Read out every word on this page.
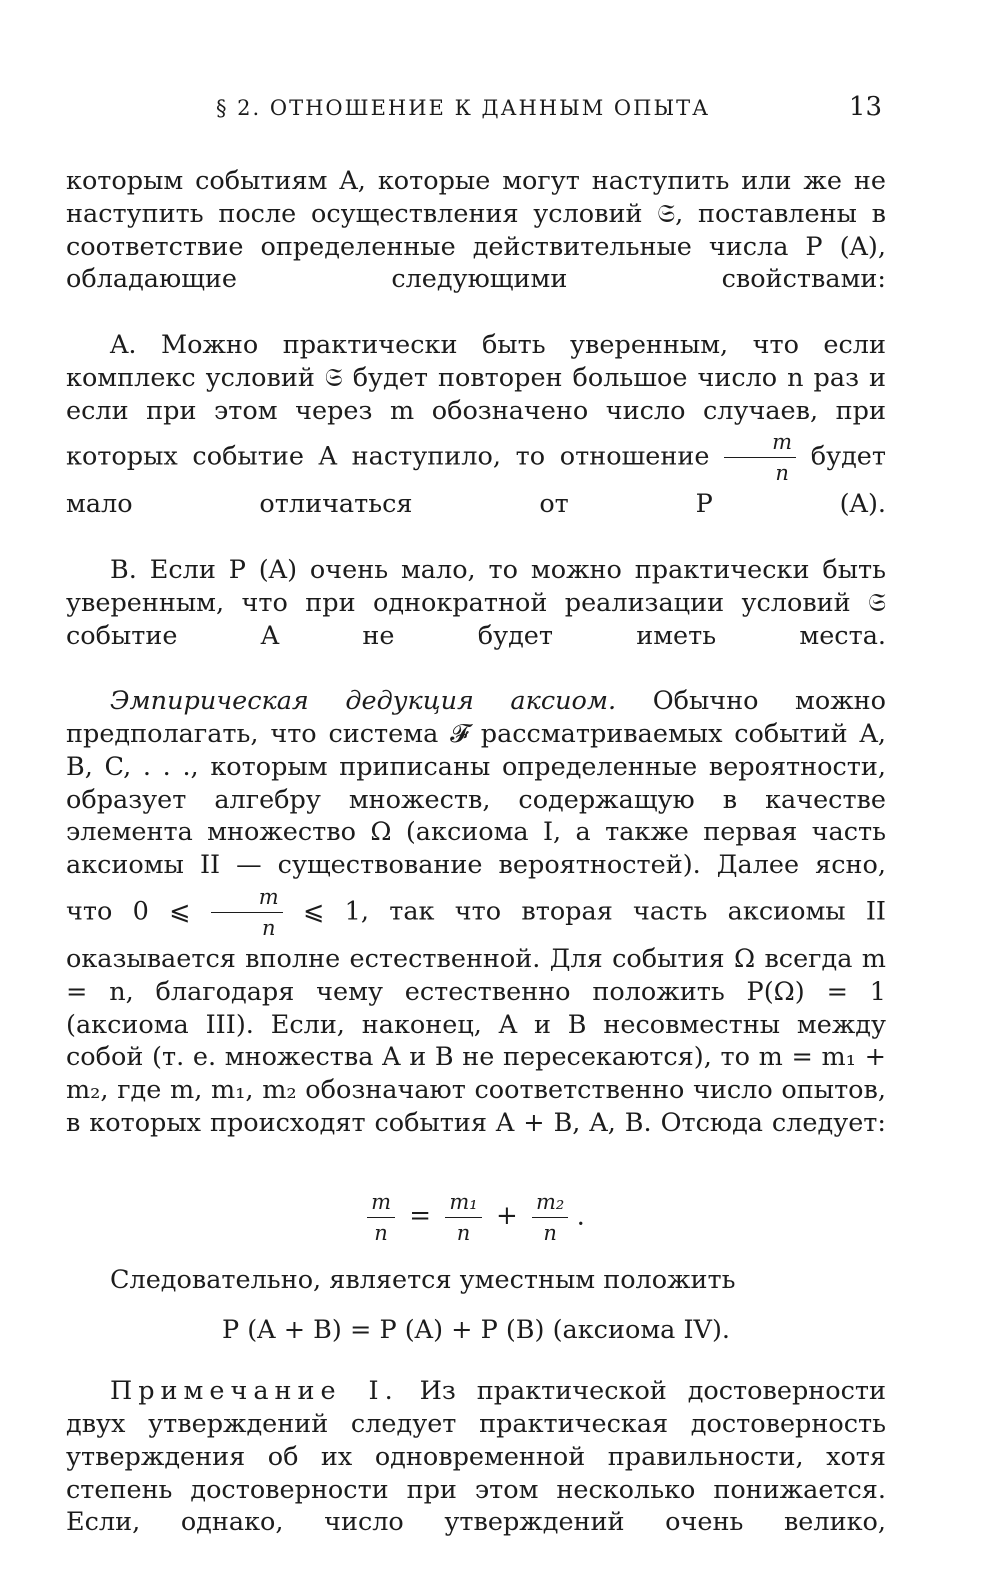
§ 2. ОТНОШЕНИЕ К ДАННЫМ ОПЫТА	13

которым событиям A, которые могут наступить или же не наступить после осуществления условий 𝔖, поставлены в соответствие определенные действительные числа P (A), обладающие следующими свойствами:

A. Можно практически быть уверенным, что если комплекс условий 𝔖 будет повторен большое число n раз и если при этом через m обозначено число случаев, при которых событие A наступило, то отношение $\frac{m}{n}$ будет мало отличаться от P (A).

B. Если P (A) очень мало, то можно практически быть уверенным, что при однократной реализации условий 𝔖 событие A не будет иметь места.

Эмпирическая дедукция аксиом. Обычно можно предполагать, что система 𝓕 рассматриваемых событий A, B, C, . . ., которым приписаны определенные вероятности, образует алгебру множеств, содержащую в качестве элемента множество Ω (аксиома I, а также первая часть аксиомы II — существование вероятностей). Далее ясно, что 0 ⩽ $\frac{m}{n}$ ⩽ 1, так что вторая часть аксиомы II оказывается вполне естественной. Для события Ω всегда m = n, благодаря чему естественно положить P(Ω) = 1 (аксиома III). Если, наконец, A и B несовместны между собой (т. е. множества A и B не пересекаются), то m = m₁ + m₂, где m, m₁, m₂ обозначают соответственно число опытов, в которых происходят события A + B, A, B. Отсюда следует:

$\frac{m}{n} = \frac{\text{m₁}}{n} + \frac{\text{m₂}}{n}$ .

Следовательно, является уместным положить

P (A + B) = P (A) + P (B) (аксиома IV).

Примечание I. Из практической достоверности двух утверждений следует практическая достоверность утверждения об их одновременной правильности, хотя степень достоверности при этом несколько понижается. Если, однако, число утверждений очень велико,
